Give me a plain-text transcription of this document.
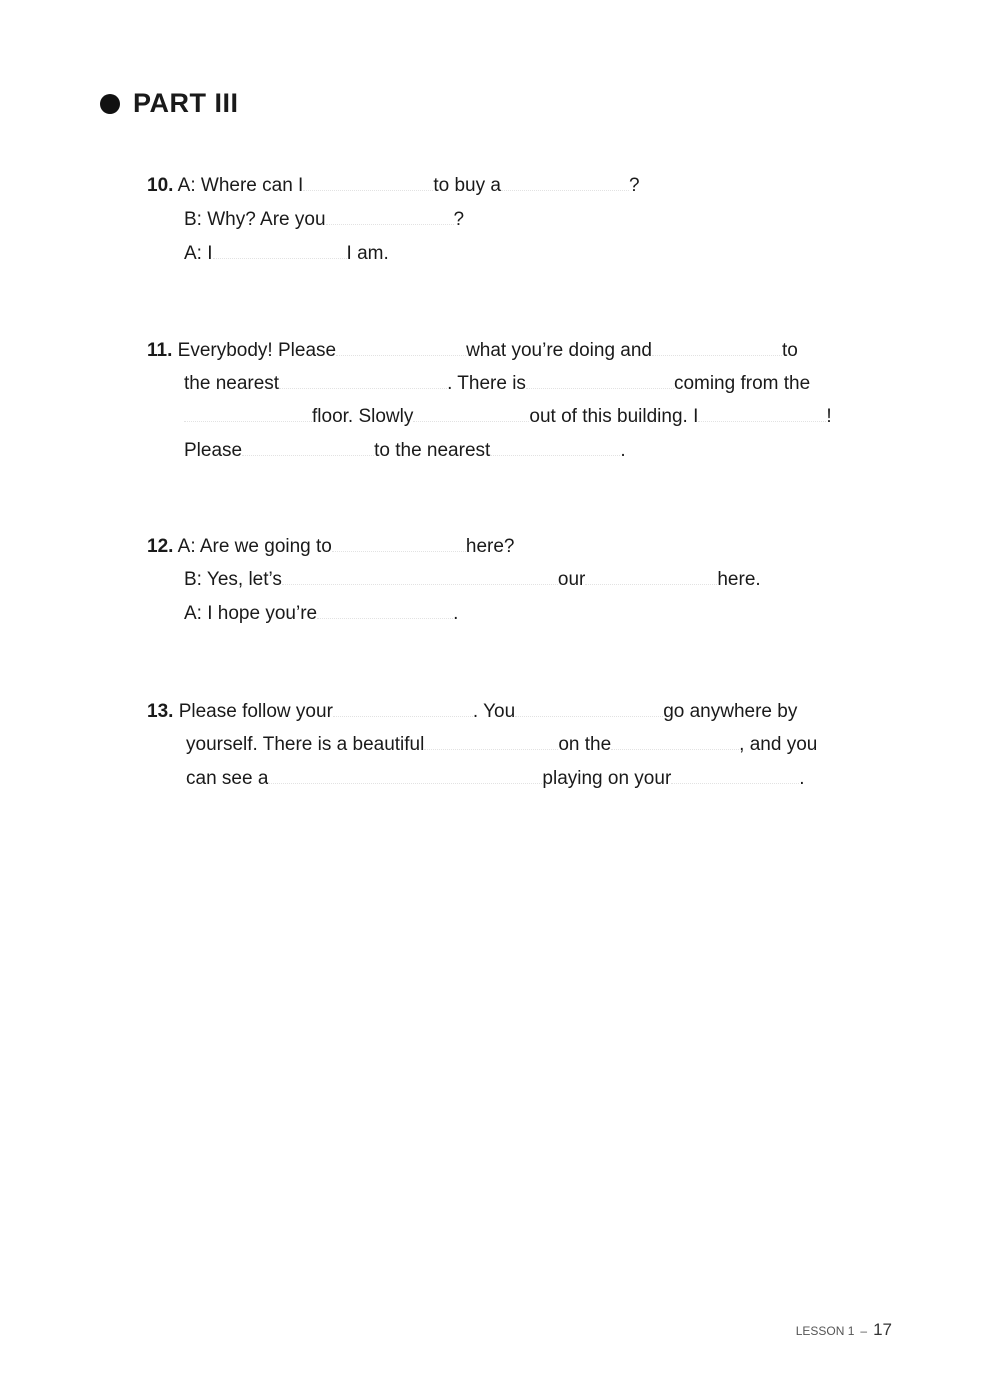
PART III
10. A: Where can I	to buy a	?
B: Why? Are you	?
A: I	I am.
11. Everybody! Please	what you’re doing and	to
the nearest	. There is	coming from the
floor. Slowly	out of this building. I	!
Please	to the nearest	.
12. A: Are we going to	here?
B: Yes, let’s	our	here.
A: I hope you’re	.
13. Please follow your	. You	go anywhere by
yourself. There is a beautiful	on the	, and you
can see a	playing on your	.
LESSON 1 – 17
